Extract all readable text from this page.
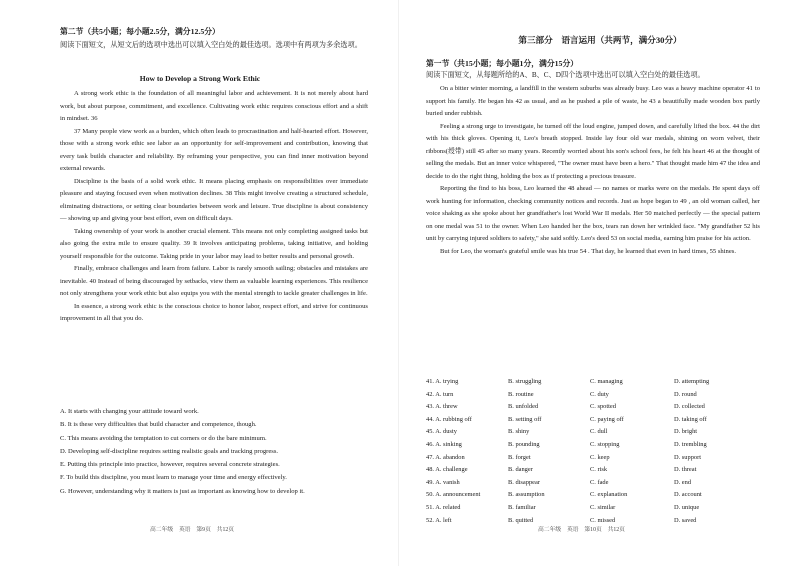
第二节（共5小题；每小题2.5分，满分12.5分）
阅读下面短文，从短文后的选项中选出可以填入空白处的最佳选项。选项中有两项为多余选项。
How to Develop a Strong Work Ethic

A strong work ethic is the foundation of all meaningful labor and achievement. It is not merely about hard work, but about purpose, commitment, and excellence. Cultivating work ethic requires conscious effort and a shift in mindset. 36

37 Many people view work as a burden, which often leads to procrastination and half-hearted effort. However, those with a strong work ethic see labor as an opportunity for self-improvement and contribution, knowing that every task builds character and reliability. By reframing your perspective, you can find inner motivation beyond external rewards.

Discipline is the basis of a solid work ethic. It means placing emphasis on responsibilities over immediate pleasure and staying focused even when motivation declines. 38 This might involve creating a structured schedule, eliminating distractions, or setting clear boundaries between work and leisure. True discipline is about consistency— showing up and giving your best effort, even on difficult days.

Taking ownership of your work is another crucial element. This means not only completing assigned tasks but also going the extra mile to ensure quality. 39 It involves anticipating problems, taking initiative, and holding yourself responsible for the outcome. Taking pride in your labor may lead to better results and personal growth.

Finally, embrace challenges and learn from failure. Labor is rarely smooth sailing; obstacles and mistakes are inevitable. 40 Instead of being discouraged by setbacks, view them as valuable learning experiences. This resilience not only strengthens your work ethic but also equips you with the mental strength to tackle greater challenges in life.

In essence, a strong work ethic is the conscious choice to honor labor, respect effort, and strive for continuous improvement in all that you do.

A. It starts with changing your attitude toward work.
B. It is these very difficulties that build character and competence, though.
C. This means avoiding the temptation to cut corners or do the bare minimum.
D. Developing self-discipline requires setting realistic goals and tracking progress.
E. Putting this principle into practice, however, requires several concrete strategies.
F. To build this discipline, you must learn to manage your time and energy effectively.
G. However, understanding why it matters is just as important as knowing how to develop it.
高二年级　英语　第9页　共12页
第三部分　语言运用（共两节，满分30分）
第一节（共15小题；每小题1分，满分15分）
阅读下面短文，从每题所给的A、B、C、D四个选项中选出可以填入空白处的最佳选项。

On a bitter winter morning, a landfill in the western suburbs was already busy. Leo was a heavy machine operator 41 to support his family. He began his 42 as usual, and as he pushed a pile of waste, he 43 a beautifully made wooden box partly buried under rubbish.

Feeling a strong urge to investigate, he turned off the loud engine, jumped down, and carefully lifted the box. 44 the dirt with his thick gloves. Opening it, Leo's breath stopped. Inside lay four old war medals, shining on worn velvet, their ribbons(绶带) still 45 after so many years. Recently worried about his son's school fees, he felt his heart 46 at the thought of selling the medals. But an inner voice whispered, "The owner must have been a hero." That thought made him 47 the idea and decide to do the right thing, holding the box as if protecting a precious treasure.

Reporting the find to his boss, Leo learned the 48 ahead — no names or marks were on the medals. He spent days off work hunting for information, checking community notices and records. Just as hope began to 49 , an old woman called, her voice shaking as she spoke about her grandfather's lost World War II medals. Her 50 matched perfectly — the special pattern on one medal was 51 to the owner. When Leo handed her the box, tears ran down her wrinkled face. "My grandfather 52 his unit by carrying injured soldiers to safety," she said softly. Leo's deed 53 on social media, earning him praise for his action.

But for Leo, the woman's grateful smile was his true 54 . That day, he learned that even in hard times, 55 shines.

41. A. trying	B. struggling	C. managing	D. attempting
42. A. turn	B. routine	C. duty	D. round
43. A. threw	B. unfolded	C. spotted	D. collected
44. A. rubbing off	B. setting off	C. paying off	D. taking off
45. A. dusty	B. shiny	C. dull	D. bright
46. A. sinking	B. pounding	C. stopping	D. trembling
47. A. abandon	B. forget	C. keep	D. support
48. A. challenge	B. danger	C. risk	D. threat
49. A. vanish	B. disappear	C. fade	D. end
50. A. announcement	B. assumption	C. explanation	D. account
51. A. related	B. familiar	C. similar	D. unique
52. A. left	B. quitted	C. missed	D. saved
高二年级　英语　第10页　共12页
